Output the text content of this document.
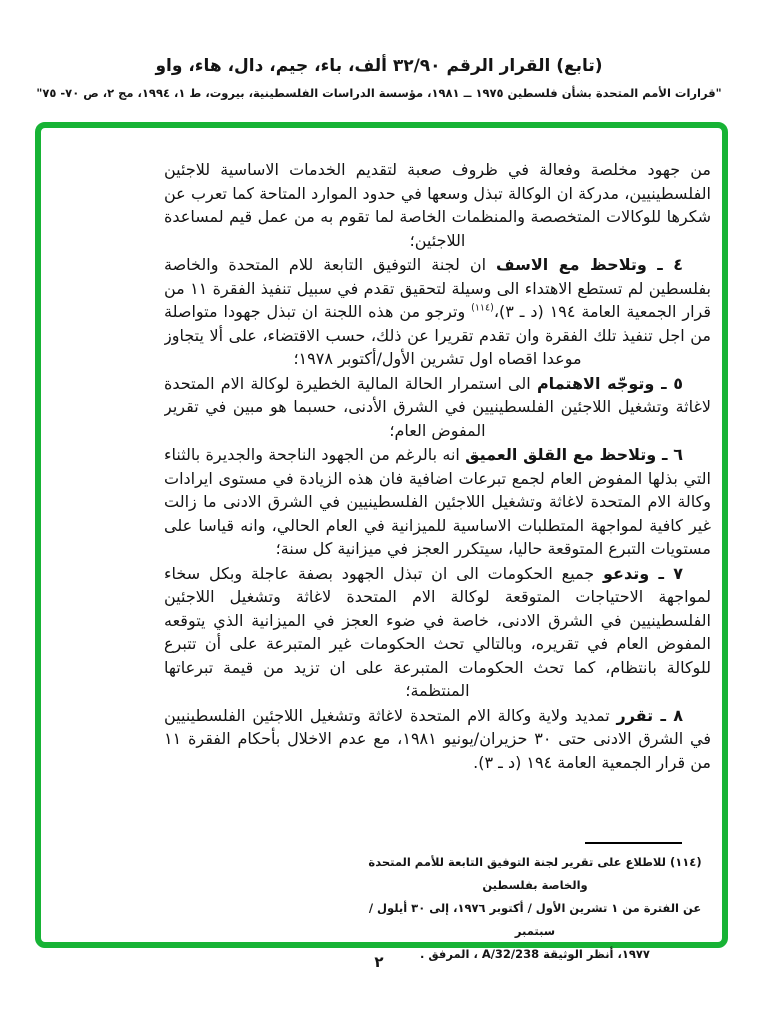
(تابع) القرار الرقم ٣٢/٩٠ ألف، باء، جيم، دال، هاء، واو
"قرارات الأمم المتحدة بشأن فلسطين ١٩٧٥ ــ ١٩٨١، مؤسسة الدراسات الفلسطينية، بيروت، ط ١، ١٩٩٤، مج ٢، ص ٧٠- ٧٥"

من جهود مخلصة وفعالة في ظروف صعبة لتقديم الخدمات الاساسية للاجئين الفلسطينيين، مدركة ان الوكالة تبذل وسعها في حدود الموارد المتاحة كما تعرب عن شكرها للوكالات المتخصصة والمنظمات الخاصة لما تقوم به من عمل قيم لمساعدة اللاجئين؛

٤ ـ وتلاحظ مع الاسف ان لجنة التوفيق التابعة للام المتحدة والخاصة بفلسطين لم تستطع الاهتداء الى وسيلة لتحقيق تقدم في سبيل تنفيذ الفقرة ١١ من قرار الجمعية العامة ١٩٤ (د ـ ٣)،$^{(١١٤)}$ وترجو من هذه اللجنة ان تبذل جهودا متواصلة من اجل تنفيذ تلك الفقرة وان تقدم تقريرا عن ذلك، حسب الاقتضاء، على ألا يتجاوز موعدا اقصاه اول تشرين الأول/أكتوبر ١٩٧٨؛

٥ ـ وتوجّه الاهتمام الى استمرار الحالة المالية الخطيرة لوكالة الام المتحدة لاغاثة وتشغيل اللاجئين الفلسطينيين في الشرق الأدنى، حسبما هو مبين في تقرير المفوض العام؛

٦ ـ وتلاحظ مع القلق العميق انه بالرغم من الجهود الناجحة والجديرة بالثناء التي بذلها المفوض العام لجمع تبرعات اضافية فان هذه الزيادة في مستوى ايرادات وكالة الام المتحدة لاغاثة وتشغيل اللاجئين الفلسطينيين في الشرق الادنى ما زالت غير كافية لمواجهة المتطلبات الاساسية للميزانية في العام الحالي، وانه قياسا على مستويات التبرع المتوقعة حاليا، سيتكرر العجز في ميزانية كل سنة؛

٧ ـ وتدعو جميع الحكومات الى ان تبذل الجهود بصفة عاجلة وبكل سخاء لمواجهة الاحتياجات المتوقعة لوكالة الام المتحدة لاغاثة وتشغيل اللاجئين الفلسطينيين في الشرق الادنى، خاصة في ضوء العجز في الميزانية الذي يتوقعه المفوض العام في تقريره، وبالتالي تحث الحكومات غير المتبرعة على أن تتبرع للوكالة بانتظام، كما تحث الحكومات المتبرعة على ان تزيد من قيمة تبرعاتها المنتظمة؛

٨ ـ تقرر تمديد ولاية وكالة الام المتحدة لاغاثة وتشغيل اللاجئين الفلسطينيين في الشرق الادنى حتى ٣٠ حزيران/يونيو ١٩٨١، مع عدم الاخلال بأحكام الفقرة ١١ من قرار الجمعية العامة ١٩٤ (د ـ ٣).

(١١٤) للاطلاع على تقرير لجنة التوفيق التابعة للأمم المتحدة والخاصة بفلسطين
عن الفترة من ١ تشرين الأول / أكتوبر ١٩٧٦، إلى ٣٠ أيلول / سبتمبر
١٩٧٧، أنظر الوثيقة A/32/238 ، المرفق .
٢
